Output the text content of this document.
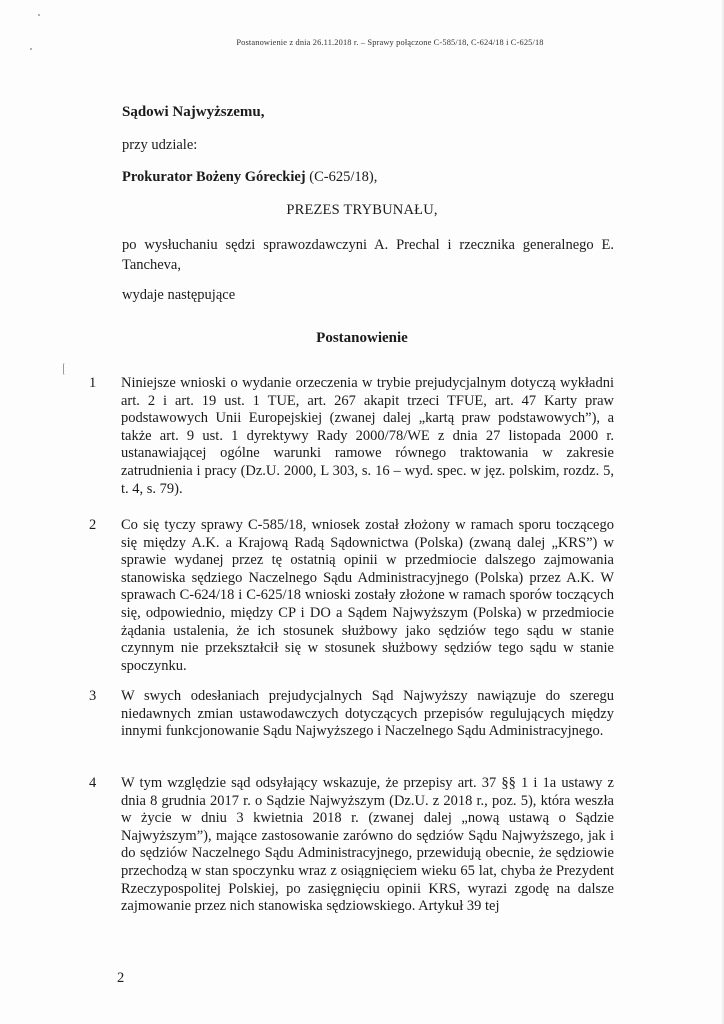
Postanowienie z dnia 26.11.2018 r. – Sprawy połączone C-585/18, C-624/18 i C-625/18
Sądowi Najwyższemu,
przy udziale:
Prokurator Bożeny Góreckiej (C-625/18),
PREZES TRYBUNAŁU,
po wysłuchaniu sędzi sprawozdawczyni A. Prechal i rzecznika generalnego E. Tancheva,
wydaje następujące
Postanowienie
1	Niniejsze wnioski o wydanie orzeczenia w trybie prejudycjalnym dotyczą wykładni art. 2 i art. 19 ust. 1 TUE, art. 267 akapit trzeci TFUE, art. 47 Karty praw podstawowych Unii Europejskiej (zwanej dalej „kartą praw podstawowych”), a także art. 9 ust. 1 dyrektywy Rady 2000/78/WE z dnia 27 listopada 2000 r. ustanawiającej ogólne warunki ramowe równego traktowania w zakresie zatrudnienia i pracy (Dz.U. 2000, L 303, s. 16 – wyd. spec. w jęz. polskim, rozdz. 5, t. 4, s. 79).
2	Co się tyczy sprawy C-585/18, wniosek został złożony w ramach sporu toczącego się między A.K. a Krajową Radą Sądownictwa (Polska) (zwaną dalej „KRS”) w sprawie wydanej przez tę ostatnią opinii w przedmiocie dalszego zajmowania stanowiska sędziego Naczelnego Sądu Administracyjnego (Polska) przez A.K. W sprawach C-624/18 i C-625/18 wnioski zostały złożone w ramach sporów toczących się, odpowiednio, między CP i DO a Sądem Najwyższym (Polska) w przedmiocie żądania ustalenia, że ich stosunek służbowy jako sędziów tego sądu w stanie czynnym nie przekształcił się w stosunek służbowy sędziów tego sądu w stanie spoczynku.
3	W swych odesłaniach prejudycjalnych Sąd Najwyższy nawiązuje do szeregu niedawnych zmian ustawodawczych dotyczących przepisów regulujących między innymi funkcjonowanie Sądu Najwyższego i Naczelnego Sądu Administracyjnego.
4	W tym względzie sąd odsyłający wskazuje, że przepisy art. 37 §§ 1 i 1a ustawy z dnia 8 grudnia 2017 r. o Sądzie Najwyższym (Dz.U. z 2018 r., poz. 5), która weszła w życie w dniu 3 kwietnia 2018 r. (zwanej dalej „nową ustawą o Sądzie Najwyższym”), mające zastosowanie zarówno do sędziów Sądu Najwyższego, jak i do sędziów Naczelnego Sądu Administracyjnego, przewidują obecnie, że sędziowie przechodzą w stan spoczynku wraz z osiągnięciem wieku 65 lat, chyba że Prezydent Rzeczypospolitej Polskiej, po zasięgnięciu opinii KRS, wyrazi zgodę na dalsze zajmowanie przez nich stanowiska sędziowskiego. Artykuł 39 tej
2
